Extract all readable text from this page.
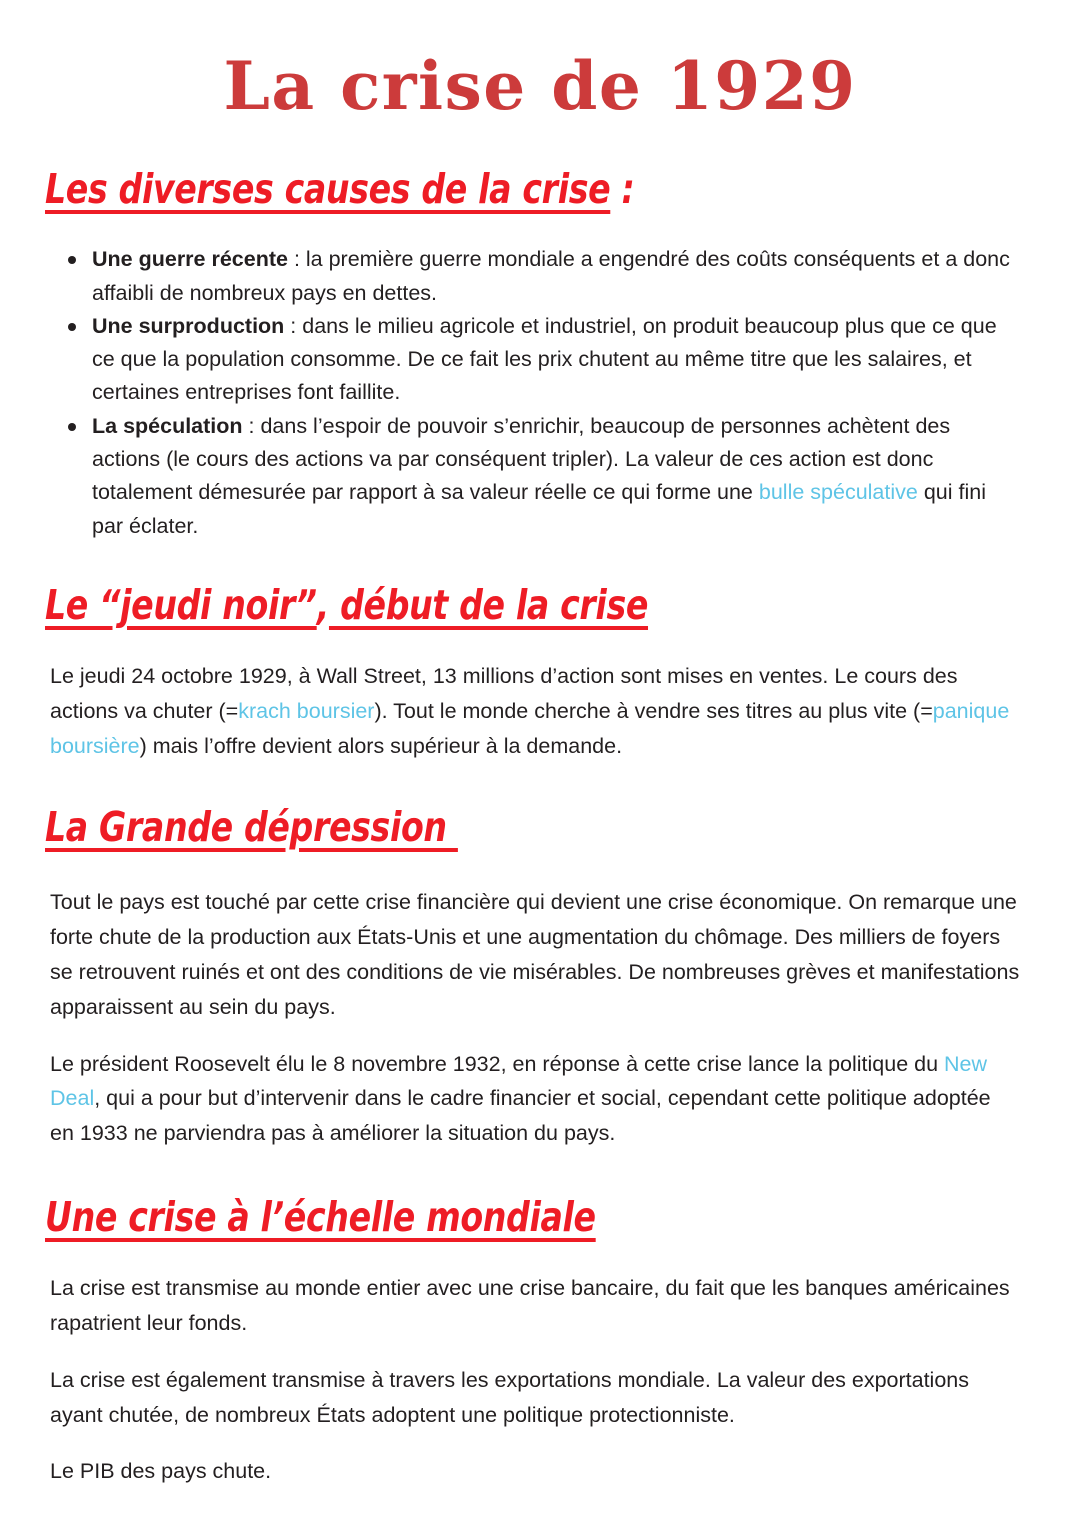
La crise de 1929
Les diverses causes de la crise :
Une guerre récente : la première guerre mondiale a engendré des coûts conséquents et a donc affaibli de nombreux pays en dettes.
Une surproduction : dans le milieu agricole et industriel, on produit beaucoup plus que ce que ce que la population consomme. De ce fait les prix chutent au même titre que les salaires, et certaines entreprises font faillite.
La spéculation : dans l’espoir de pouvoir s’enrichir, beaucoup de personnes achètent des actions (le cours des actions va par conséquent tripler). La valeur de ces action est donc totalement démesurée par rapport à sa valeur réelle ce qui forme une bulle spéculative qui fini par éclater.
Le “jeudi noir”, début de la crise

Le jeudi 24 octobre 1929, à Wall Street, 13 millions d’action sont mises en ventes. Le cours des actions va chuter (=krach boursier). Tout le monde cherche à vendre ses titres au plus vite (=panique boursière) mais l’offre devient alors supérieur à la demande.

La Grande dépression

Tout le pays est touché par cette crise financière qui devient une crise économique. On remarque une forte chute de la production aux États-Unis et une augmentation du chômage. Des milliers de foyers se retrouvent ruinés et ont des conditions de vie misérables. De nombreuses grèves et manifestations apparaissent au sein du pays.

Le président Roosevelt élu le 8 novembre 1932, en réponse à cette crise lance la politique du New Deal, qui a pour but d’intervenir dans le cadre financier et social, cependant cette politique adoptée en 1933 ne parviendra pas à améliorer la situation du pays.

Une crise à l’échelle mondiale

La crise est transmise au monde entier avec une crise bancaire, du fait que les banques américaines rapatrient leur fonds.

La crise est également transmise à travers les exportations mondiale. La valeur des exportations ayant chutée, de nombreux États adoptent une politique protectionniste.

Le PIB des pays chute.
